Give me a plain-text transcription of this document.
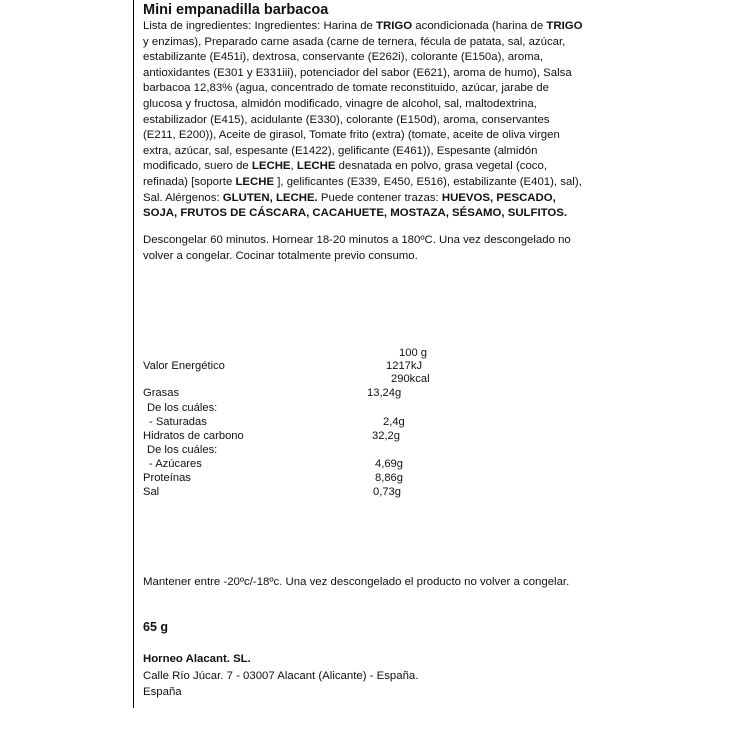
Mini empanadilla barbacoa
Lista de ingredientes: Ingredientes: Harina de TRIGO acondicionada (harina de TRIGO y enzimas), Preparado carne asada (carne de ternera, fécula de patata, sal, azúcar, estabilizante (E451i), dextrosa, conservante (E262i), colorante (E150a), aroma, antioxidantes (E301 y E331iii), potenciador del sabor (E621), aroma de humo), Salsa barbacoa 12,83% (agua, concentrado de tomate reconstituido, azúcar, jarabe de glucosa y fructosa, almidón modificado, vinagre de alcohol, sal, maltodextrina, estabilizador (E415), acidulante (E330), colorante (E150d), aroma, conservantes (E211, E200)), Aceite de girasol, Tomate frito (extra) (tomate, aceite de oliva virgen extra, azúcar, sal, espesante (E1422), gelificante (E461)), Espesante (almidón modificado, suero de LECHE, LECHE desnatada en polvo, grasa vegetal (coco, refinada) [soporte LECHE ], gelificantes (E339, E450, E516), estabilizante (E401), sal), Sal. Alérgenos: GLUTEN, LECHE. Puede contener trazas: HUEVOS, PESCADO, SOJA, FRUTOS DE CÁSCARA, CACAHUETE, MOSTAZA, SÉSAMO, SULFITOS.
Descongelar 60 minutos. Hornear 18-20 minutos a 180ºC. Una vez descongelado no volver a congelar. Cocinar totalmente previo consumo.
100 g
Valor Energético	1217kJ
290kcal
Grasas	13,24g
De los cuáles:
- Saturadas	2,4g
Hidratos de carbono	32,2g
De los cuáles:
- Azúcares	4,69g
Proteínas	8,86g
Sal	0,73g
Mantener entre -20ºc/-18ºc. Una vez descongelado el producto no volver a congelar.
65 g
Horneo Alacant. SL.
Calle Río Júcar. 7 - 03007 Alacant (Alicante) - España.
España
